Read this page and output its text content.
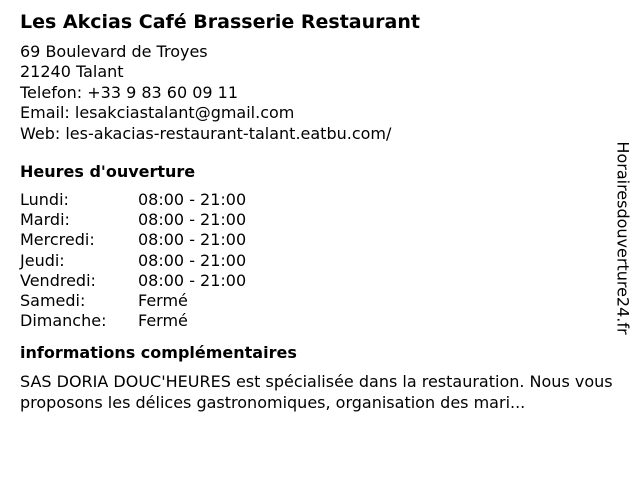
Les Akcias Café Brasserie Restaurant
69 Boulevard de Troyes
21240 Talant
Telefon: +33 9 83 60 09 11
Email: lesakciastalant@gmail.com
Web: les-akacias-restaurant-talant.eatbu.com/
Heures d'ouverture
Lundi:	08:00 - 21:00
Mardi:	08:00 - 21:00
Mercredi:	08:00 - 21:00
Jeudi:	08:00 - 21:00
Vendredi:	08:00 - 21:00
Samedi:	Fermé
Dimanche:	Fermé
informations complémentaires
SAS DORIA DOUC'HEURES est spécialisée dans la restauration. Nous vous proposons les délices gastronomiques, organisation des mari...
Horairesdouverture24.fr
